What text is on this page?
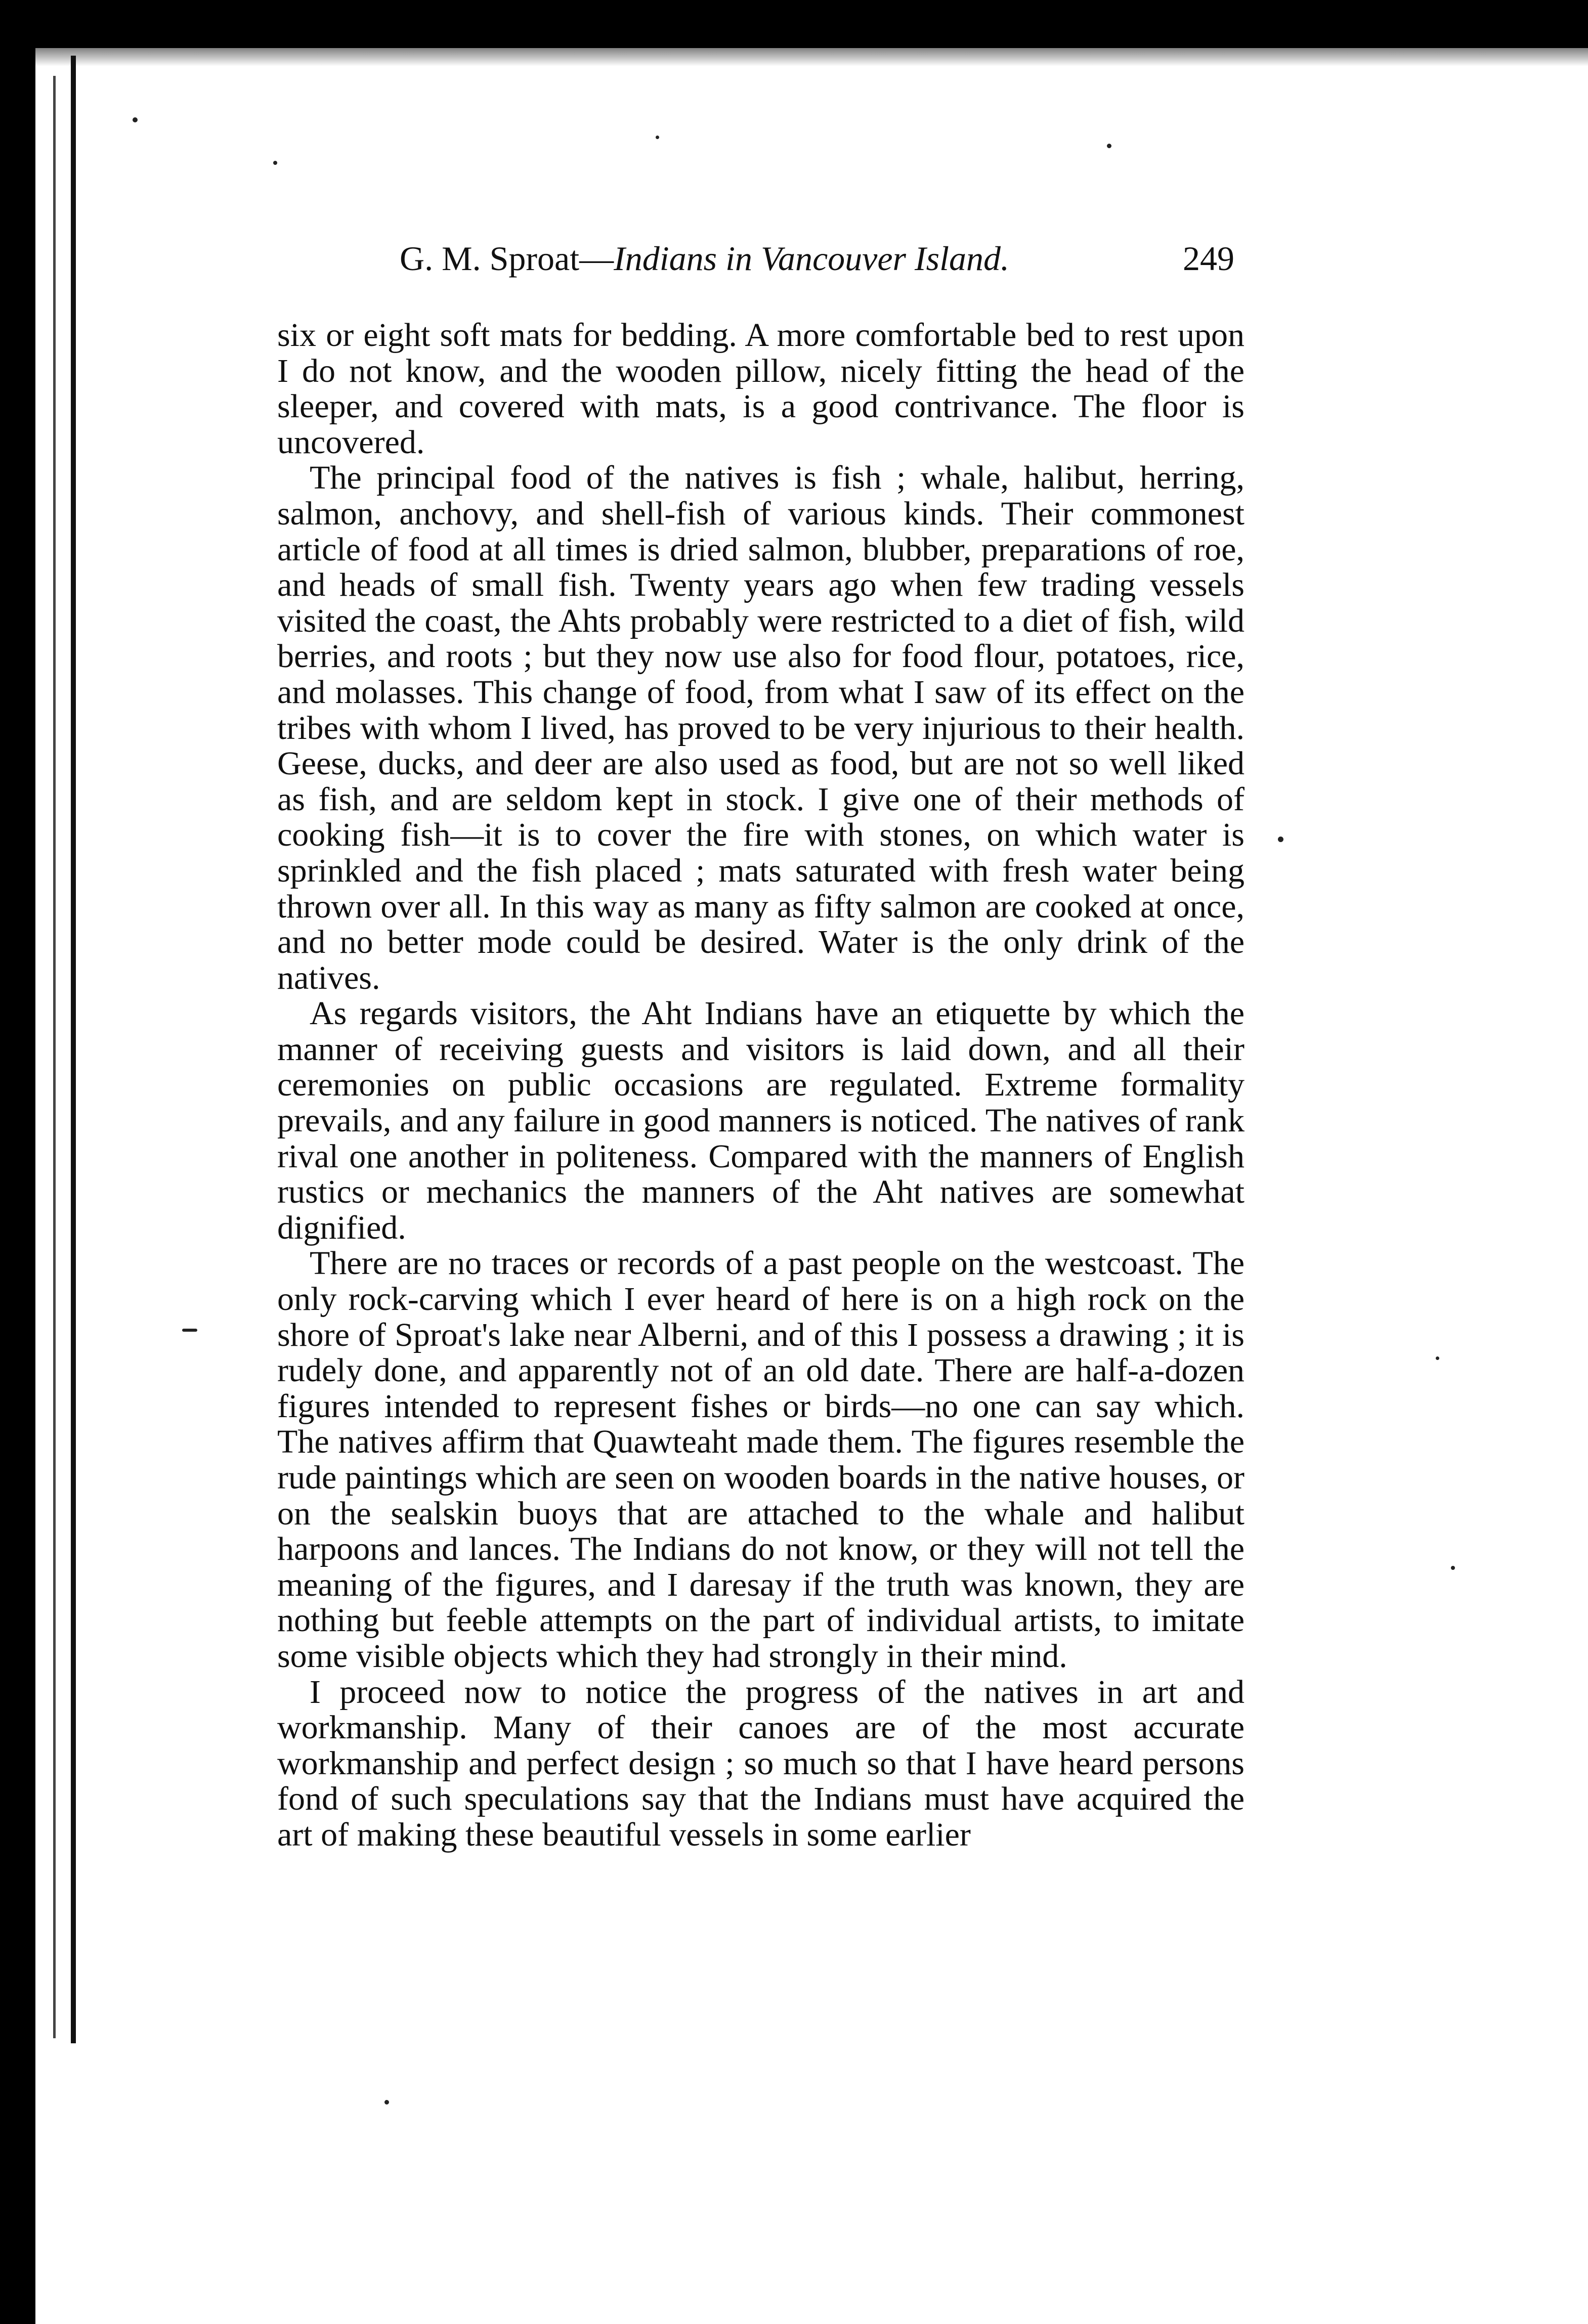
G. M. Sproat—Indians in Vancouver Island.	249

six or eight soft mats for bedding. A more comfortable bed to rest upon I do not know, and the wooden pillow, nicely fitting the head of the sleeper, and covered with mats, is a good contrivance. The floor is uncovered.

The principal food of the natives is fish ; whale, halibut, herring, salmon, anchovy, and shell-fish of various kinds. Their commonest article of food at all times is dried salmon, blubber, preparations of roe, and heads of small fish. Twenty years ago when few trading vessels visited the coast, the Ahts probably were restricted to a diet of fish, wild berries, and roots ; but they now use also for food flour, potatoes, rice, and molasses. This change of food, from what I saw of its effect on the tribes with whom I lived, has proved to be very injurious to their health. Geese, ducks, and deer are also used as food, but are not so well liked as fish, and are seldom kept in stock. I give one of their methods of cooking fish—it is to cover the fire with stones, on which water is sprinkled and the fish placed ; mats saturated with fresh water being thrown over all. In this way as many as fifty salmon are cooked at once, and no better mode could be desired. Water is the only drink of the natives.

As regards visitors, the Aht Indians have an etiquette by which the manner of receiving guests and visitors is laid down, and all their ceremonies on public occasions are regulated. Extreme formality prevails, and any failure in good manners is noticed. The natives of rank rival one another in politeness. Compared with the manners of English rustics or mechanics the manners of the Aht natives are somewhat dignified.

There are no traces or records of a past people on the westcoast. The only rock-carving which I ever heard of here is on a high rock on the shore of Sproat's lake near Alberni, and of this I possess a drawing ; it is rudely done, and apparently not of an old date. There are half-a-dozen figures intended to represent fishes or birds—no one can say which. The natives affirm that Quawteaht made them. The figures resemble the rude paintings which are seen on wooden boards in the native houses, or on the sealskin buoys that are attached to the whale and halibut harpoons and lances. The Indians do not know, or they will not tell the meaning of the figures, and I daresay if the truth was known, they are nothing but feeble attempts on the part of individual artists, to imitate some visible objects which they had strongly in their mind.

I proceed now to notice the progress of the natives in art and workmanship. Many of their canoes are of the most accurate workmanship and perfect design ; so much so that I have heard persons fond of such speculations say that the Indians must have acquired the art of making these beautiful vessels in some earlier
